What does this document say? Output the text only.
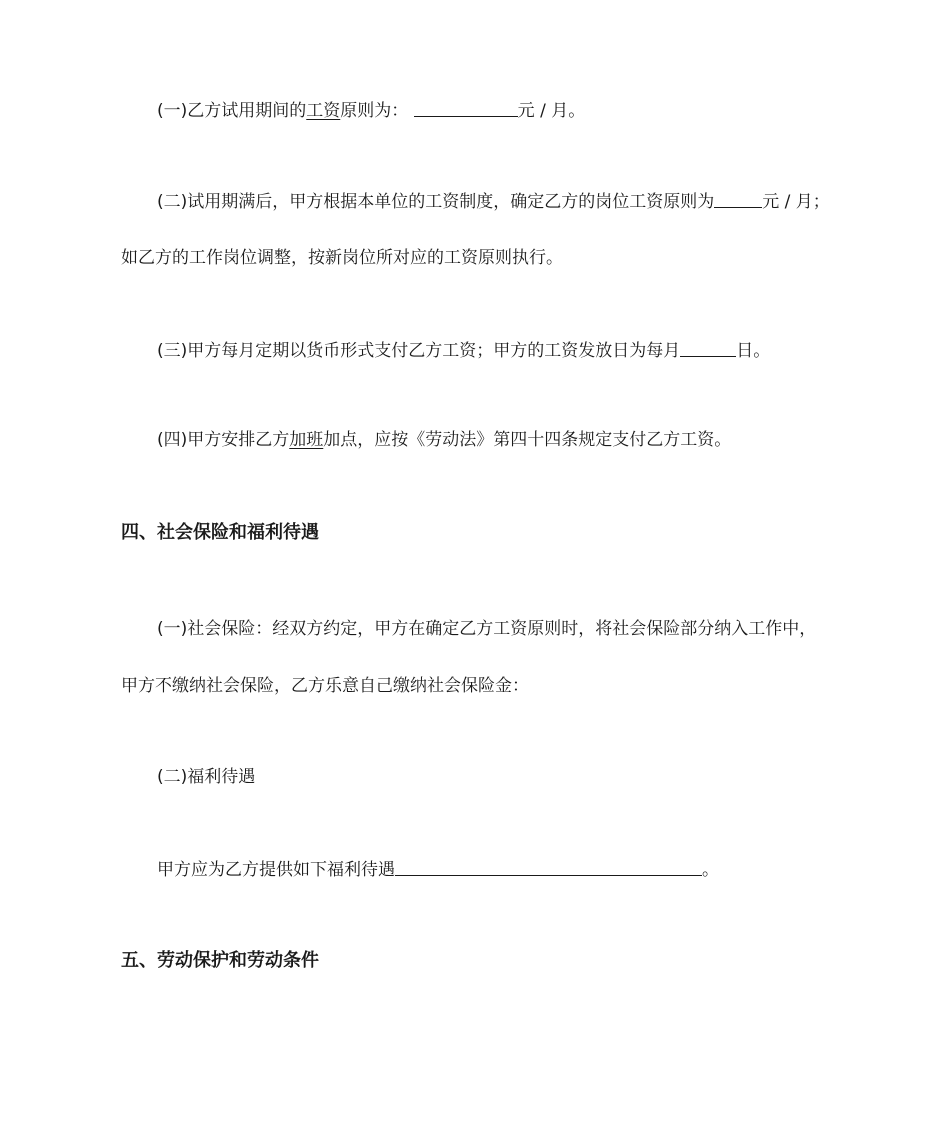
(一)乙方试用期间的工资原则为：	元 / 月。
(二)试用期满后，甲方根据本单位的工资制度，确定乙方的岗位工资原则为	元 / 月；
如乙方的工作岗位调整，按新岗位所对应的工资原则执行。
(三)甲方每月定期以货币形式支付乙方工资；甲方的工资发放日为每月	日。
(四)甲方安排乙方加班加点，应按《劳动法》第四十四条规定支付乙方工资。
四、社会保险和福利待遇
(一)社会保险：经双方约定，甲方在确定乙方工资原则时，将社会保险部分纳入工作中，
甲方不缴纳社会保险，乙方乐意自己缴纳社会保险金：
(二)福利待遇
甲方应为乙方提供如下福利待遇	。
五、劳动保护和劳动条件
